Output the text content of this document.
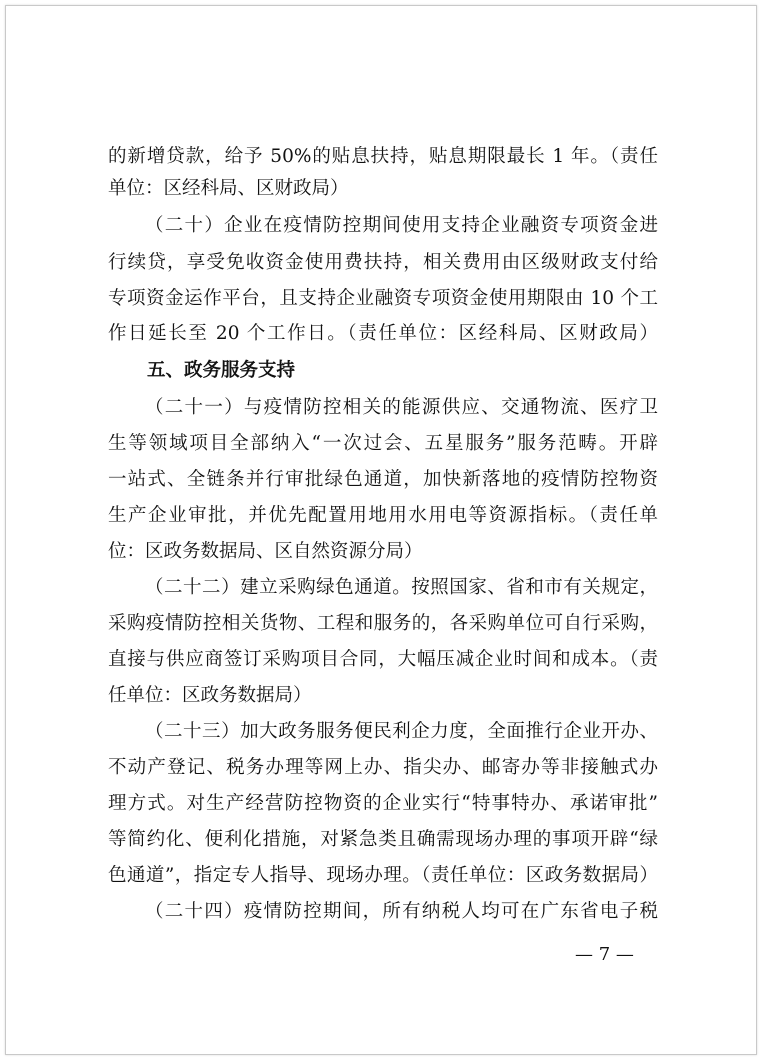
的新增贷款，给予 50%的贴息扶持，贴息期限最长 1 年。（责任
单位：区经科局、区财政局）
（二十）企业在疫情防控期间使用支持企业融资专项资金进
行续贷，享受免收资金使用费扶持，相关费用由区级财政支付给
专项资金运作平台，且支持企业融资专项资金使用期限由 10 个工
作日延长至 20 个工作日。（责任单位：区经科局、区财政局）
五、政务服务支持
（二十一）与疫情防控相关的能源供应、交通物流、医疗卫
生等领域项目全部纳入“一次过会、五星服务”服务范畴。开辟
一站式、全链条并行审批绿色通道，加快新落地的疫情防控物资
生产企业审批，并优先配置用地用水用电等资源指标。（责任单
位：区政务数据局、区自然资源分局）
（二十二）建立采购绿色通道。按照国家、省和市有关规定，
采购疫情防控相关货物、工程和服务的，各采购单位可自行采购，
直接与供应商签订采购项目合同，大幅压减企业时间和成本。（责
任单位：区政务数据局）
（二十三）加大政务服务便民利企力度，全面推行企业开办、
不动产登记、税务办理等网上办、指尖办、邮寄办等非接触式办
理方式。对生产经营防控物资的企业实行“特事特办、承诺审批”
等简约化、便利化措施，对紧急类且确需现场办理的事项开辟“绿
色通道”，指定专人指导、现场办理。（责任单位：区政务数据局）
（二十四）疫情防控期间，所有纳税人均可在广东省电子税
— 7 —
